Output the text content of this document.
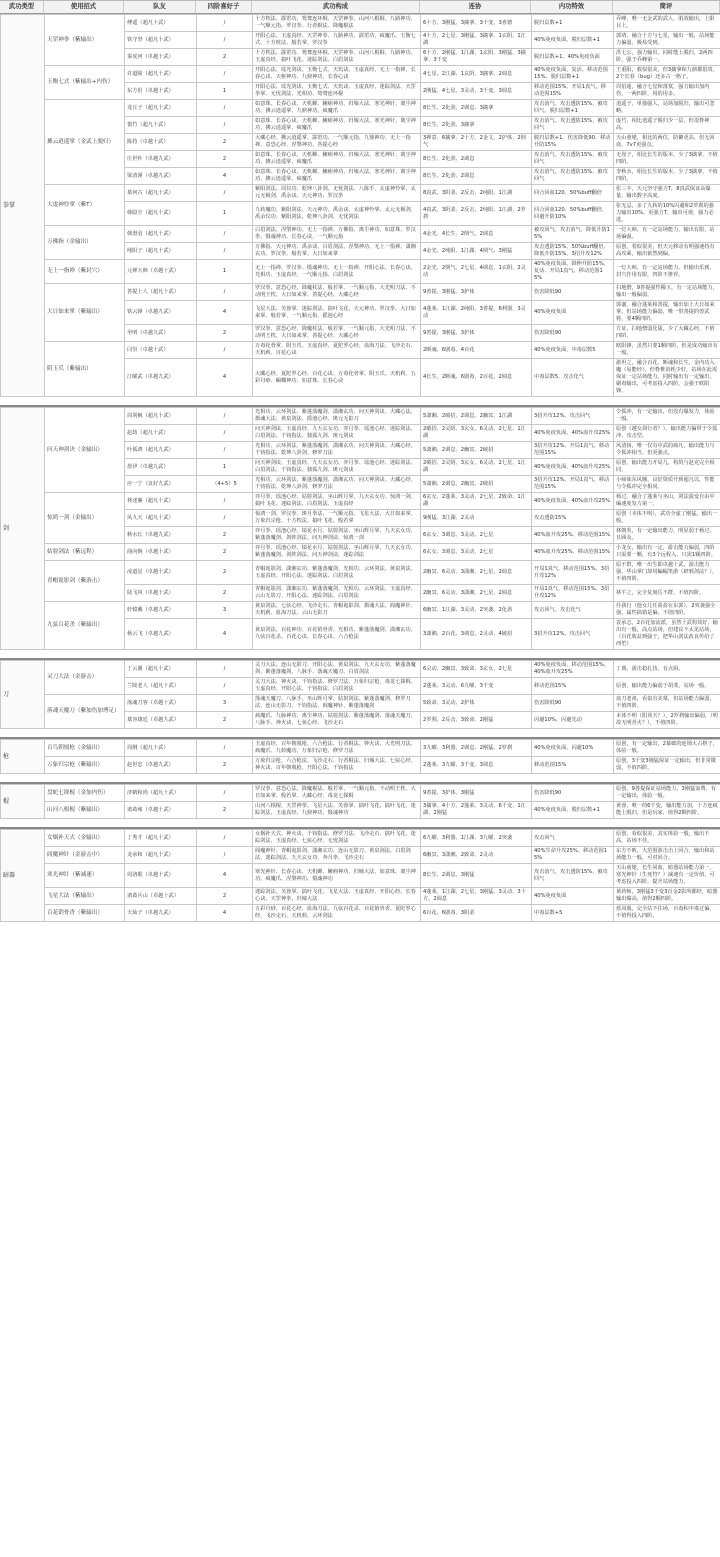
武功类型	使用招式	队友	四阶喜好子	武功构成	连协	内功特效	简评
拳掌	天罡神拳（紫输出）	傅遥（超凡十武）	/	十方枕法、霹雳功、鸳鸯连环棍、天罡神拳、山河八根棍、九路神功、一气顺元指、罗汉拳、行者棍法、降魔棍法	6十方、3刚猛、3擒拿、3千变、3喜德	脱归层数+1	乔峰，唯一无金武的武人，肌效输出，上限目上。
		铁守坚（超凡十武）	/	开阳心法、玉虚真经、天罡神拳、九路神功、霹雳功、疯魔爪、玉衡七式、十方枕法、般若掌、罗汉拳	4十方、2七星、3刚猛、3擒拿、1玄阴、1江湖	40%免疫负面、脱归层数+1	郭靖，融合十方与七星，输出一般，站场能力偏弱，极易受到。
		秦虎河（卓越十武）	2	十方枕法、霹雳功、鸳鸯连环棍、天罡神拳、山河八根棍、九路神功、玉虚真经、搞叶飞花、迷踪剑法、白眉剑法	6十方、2刚猛、1江湖、1玄阴、3刚猛、3擒拿、3千变	脱归层数+1、40%免疫负面	洪七公，强力输出，同时能上脱归，2两四阶，强于乔峰第一。
	玉衡七式（紫输出+内伤）	许道陵（超凡十武）	/	开阳心法、瑶光剑诀、玉衡七式、天玑诀、玉虚真经、无上一指禅、长春心诀、天枢神功、九鼎神功、长春心诀	4七星、2江湖、1玄阴、3擒拿、2调息	40%免疫负面、复活、移动范围15%、脱归层数+1	王重阳，救似很美，但3擒拿和九鼎都很贵，2个长春（bug）还多占一格子。
		东方伯（卓越十武）	1	开阳心法、瑶光剑诀、玉衡七式、天玑诀、玉虚真经、迷踪剑法、天罡拳掌、无忧剑法、光相功、鸳鸯连环棍	2刚猛、4七星、3灵动、3千变、3调息	移动范围15%、开局1真气、移动范围15%	周伯通，融合七星和落寞，强力输出加内伤，一两四阶，用的用多。
	拂云逍遥掌（金武上脱归）	龙丘子（超凡十武）	/	如意珠、长春心诀、天机蝉、臃痈神功、归墟大法、寒光神针、离尘神功、拂云逍遥掌、九鼎神功、疯魔爪	8长生、2化劲、2调息、3擒拿	攻击消气、攻击透防15%、被攻回气、脱归层数+1	逍遥子，单独强人，站场加脱归，输出可忽略。
		慎竹（超凡十武）	/	如意珠、长春心诀、天机蝉、臃痈神功、归墟大法、寒光神针、离尘神功、拂云逍遥掌、疯魔爪	8长生、2化劲、3擒拿	攻击消气、攻击透防15%、被攻回气	虚竹，相比逍遥子脱归少一层，但很脊神高。
		陈持（卓越十武）	2	大藏心经、拂云逍遥掌、霹雳功、一气顺元指、九鼎神功、无上一指禅、意恐心经、涅槃神功、菩提心经	3禅意、6擒拿、2十方、2金文、2护体、2倒气	脱归层数+1、伤害降低90、移动升防15%	天山童姥，相比的两位，防御更高，但无回血，7v7更强点。
		庄世朴（卓越九武）	2	如意珠、长春心诀、天机蝉、臃痈神功、归墟大法、寒光神针、离尘神功、拂云逍遥掌、疯魔爪	8长生、2化劲、2调息	攻击消气、攻击透防15%、被攻回气	无崖子，相比长生的版本，少了3擒拿，不值四阶。
		梁清谨（卓越九武）	4	如意珠、长春心诀、天机蝉、臃痈神功、归墟大法、寒光神针、离尘神功、拂云逍遥掌、疯魔爪	8长生、2化劲、2调息	攻击消气、攻击透防15%、被攻回气	李秋水，相比长生的版本，少了3擒拿，不值四阶。
	大虚神怜掌（紫T）	慕何古（超凡十武）	/	紫阳剑法、周仪功、乾坤八卦剑、无忧剑法、八陈手、太虚神怜掌、太元无极剑、禹余诀、天元神功、罗汉拳	8真武、3阴柔、2反击、2纯阳、1江湖	回合回血120、50%buff翻倍	张三丰，天元坚守强力T，8真武保证高爆量，输出数字高度。
		韩隐尘（超凡十武）	1	九转魔功、紫阳剑法、天元神功、禹余诀、太虚神怜掌、太元无极剑、禹余仪功、紫阳剑法、乾坤八卦剑、无忧剑法	4真武、3阴柔、2反击、2纯阳、1江湖、2罗刹	回合回血120、50%buff翻倍、回避升防10%	张无忌，多了九转的10%闪避和2罗刹的强力输出10%，更强力T，输出可观，强力必选。
	万佛指（金输出）	韩澄羽（超凡十武）	/	白眉剑法、涅槃神功、无上一指禅、万佛指、离尘神功、如意珠、罗汉拳、慑魂神功、长春心诀、一气顺元指	4金光、4长生、2倒气、2调息	被攻回气、攻击消气、降低升防15%	一灯大师，有一定站场能力，输出有限，站场偏强。
		纯阳子（超凡十武）	/	万佛指、天元神功、禹余诀、白眉剑法、涅槃神功、无上一指禅、潇湘玄功、罗汉拳、般若掌、大日如来掌	4金光、2纯阳、1江湖、4倒气、3刚猛	攻击透防15%、50%buff翻倍、降低升防15%、3招升攻12%	原创，着似很美，但天元移动有明强速持有高攻乘，输出依然到偏。
	无上一指禅（紫封穴）	元禅大师（卓越十武）	1	无上一指禅、罗汉拳、慑魂神功、无上一指禅、开阳心法、长春心诀、光相功、玉虚真经、一气顺元指、白眉剑法	2金光、2倒气、2七星、4调息、1玄阴、2灵动	40%免疫负面、降伸升防15%、复活、开局1真气、移动范围15%	一灯大师，有一定站场能力，但输出乐到，封穴作用有限，四阶不推荐。
	大日如来掌（紫输出）	善提上人（超凡十武）	/	罗汉拳、意恐心经、降魔杖法、般若掌、一气顺元指、大光明刀法、不动明王枕、大日如来掌、善提心经、大藏心经	9善提、3刚猛、3护体	伤害降低90	扫地僧，9善提强性稀玉，有一定站场能力，输出一般偏弱。
		铁云锋（卓越九武）	4	飞星大法、芙蓉掌、迷踪剑法、搞叶飞花、天元神功、罗汉拳、大日如来掌、般若掌、一气顺元指、摇池心经	4蓬莱、1江湖、2纯阳、3善提、6利器、3灵动	40%免疫负面	郭襄，融合蓬莱和善提，输出加上大日如来掌，但站场能力偏弱，唯一带善提的兽武将，要4颗四阶。
		至明（卓越九武）	2	罗汉拳、意恐心经、降魔杖法、般若掌、一气顺元指、大光明刀法、不动明王枕、大日如来掌、善提心经、大藏心经	9善提、3刚猛、3护体	伤害降低90	方证，扫地僧弱化版，少了大藏心经，不值四阶。
	阴玉爪（紫输出）	闫崇（卓越十武）	/	万毒化骨掌、阴玉爪、玉虚真经、夏陀罗心经、血海刀法、飞沙走石、天机莉、百花心诀	2断魂、6剧毒、4百花	40%免疫负面、中毒层数5	欧阳锋，虽然只要1颗四阶，但是成功输出有一般。
		江曜武（卓越九武）	4	大藏心经、夏陀罗心经、百花心诀、万毒化骨掌、阴玉爪、天机莉、五彩丹砂、蝎蝶神功、如意珠、长春心诀	4长生、2断魂、6剧毒、2百花、2调息	中毒层数5、攻击化气	游坦之，融合百花、断魂和长生，金内功入魔（易能经），但脊椎消耗少好，站场在此需保证一定站场能力，同时输出有一定输出，刷毒输出，可考虑投入四阶，会强于欧阳锋。
剑	问天神剑诀（金输出）	周剑枫（超凡十武）	/	光相功、云环剑法、紫蓬落魔剑、潇湘玄功、问天神剑诀、大藏心法、摄魂大法、黄泉剑法、摇池心经、斑元无影刀	5潇湘、2破招、2调息、2幽冥、1江湖	3招升攻12%、攻击回气	令狐冲，有一定输出，但没有爆发力，体验一般。
		赵劫（超凡十武）	/	问天神剑诀、玉虚真经、九天玄女功、弈月拳、瑶池心经、迷踪剑法、白眉剑法、千钧指法、独孤九剑、斑元剑诀	2破招、2灵阴、3玄女、6灵动、2七星、1江湖	40%免疫负面、40%血升攻25%	原创（越女剑行者？），输出能力偏带于令狐冲，攻击型。
		叶孤鸿（超凡九武）	/	光相功、云环剑法、紫蓬落魔剑、潇湘玄功、问天神剑诀、大藏心经、千钧指法、乾坤八卦剑、修罗刀法	5潇湘、2调息、2幽冥、2破招	3招升攻12%、开局1真气、移动范围15%	风清扬，唯一仅有中武的疯凡，输出能力与令狐冲相当，但更强点。
		墨伊（卓越九武）	1	问天神剑诀、玉虚真经、九天玄女功、弈月拳、瑶池心经、迷踪剑法、白眉剑法、千钧指法、独孤九剑、斑元剑诀	2破招、2灵阴、3玄女、6灵动、2七星、1江湖	40%免疫负面、40%血升攻25%	原创，输出能力开局几，构筑与赵克完全相同。
		应一宁（良好九武）	（4+5）5	光相功、云环剑法、紫蓬落魔剑、潇湘玄功、问天神剑诀、大藏心经、千钧指法、乾坤八卦剑、修罗刀法	5潇湘、2调息、2幽冥、2破招	3招升攻12%、开局1真气、移动范围15%	小师妹东风曈，良好资质升到超凡以，性能与令狐冲完全相同。
	惊鸿一剑（金输出）	林述廉（超凡十武）	/	弈月拳、瑶池心经、姑射剑法、巫山辉月掌、九天玄女功、惊鸿一剑、搞叶飞花、迷踪剑法、白眉剑法、玉虚真经	6玄女、2蓬莱、3灵动、2七星、2致命、1江湖	40%免疫负面、40%血升攻25%	杨过，融合了蓬莱与巫山，剑法演变自由中编速度发力第一。
		风九天（超凡十武）	/	惊鸿一剑、罗汉拳、斑月拳法、一气顺元指、飞星大法、大日如来掌、万象归宗枪、十方枕法、搞叶飞花、般若掌	9刚猛、3江湖、2灵动	攻击透防15%	原创（本体不明），武功全虚了刚猛，输出一般。
		秋水长（卓越九武）	2	弈月拳、瑶池心经、镜花水月、姑射剑法、巫山辉月掌、九天玄女功、紫蓬落魔剑、剑阵剑法、问天神剑诀、惊鸿一剑	6玄女、3调息、3灵动、2七星	40%血升攻25%、移动范围15%	林朝英，有一定输出能力，明显弱于杨过，且顾及。
	姑射剑法（紫远程）	曲向婉（卓越十武）	2	弈月拳、瑶池心经、镜花水月、姑射剑法、巫山辉月掌、九天玄女功、紫蓬落魔剑、剑阵剑法、问天神剑诀、迷踪剑法	6玄女、3调息、3灵动、2七星	40%血升攻25%、移动范围15%	小龙女，输出有一定，游击能力偏弱，四阶只需要一颗，有3个远程入，只需1颗四阶。
	青帽诡影剑（紫游击）	凌道星（卓越十武）	2	青帽诡影剑、潇湘玄功、紫蓬落魔剑、光相功、云环剑法、黄泉剑法、玉虚真经、开阳心法、迷踪剑法、白眉剑法	2幽冥、6灵动、3潇湘、2七星、2调息	开局1真气、移动范围15%、3招升攻12%	原不群，唯一出生即卓越十武，游击能力强，华山掌门却用蝙蝠笑游（辟邪剑法？），不值四阶。
		陆飞风（卓越十武）	2	青帽诡影剑、潇湘玄功、紫蓬落魔剑、光相功、云环剑法、玉虚真经、云山无影刀、开阳心法、迷踪剑法、白眉剑法	2幽冥、6灵动、3潇湘、2七星、2调息	开局1真气、移动范围15%、3招升攻12%	林平之，完全复刻岳不群，不值四阶。
	九弦百花杀（紫输出）	轩辕戴（卓越九武）	3	黄泉剑法、七弦心经、飞沙走石、青帽诡影剑、摄魂大法、阎魔神针、天机莉、血海刀法、云山无影刀	6幽冥、1江湖、3灵动、2突袭、2化劲	攻击回气、攻击化气	任我行（他女儿任盈盈在东郭），2突袭强全强，属性搞错是偏，不值四阶。
		杨云飞（卓越九武）	4	黄泉剑法、百花神功、百花销骨香、光相功、紫蓬落魔剑、潇湘玄功、九弦百花杀、百花心诀、长春心诀、六合枪法	3潇湘、2百花、3调息、2灵动、4破招	3招升攻12%、攻击回气	袁承志，2百花加流派，虽然十武构效好，输出有一般，高点站场，但建议不太见站场，（百花收益到强于，把华山剑法改良传给了西笙）
刀	灵刀大法（金游击）	丁云翼（超凡十武）	/	灵刀大法、连山无影刀、开阳心法、黄泉剑法、九天玄女功、紫蓬落魔剑、紫蓬落魔剑、八脉手、落魂天魔刀、白眉剑法	6灵动、2幽冥、3致命、3玄女、2七星	40%免疫负面、移动范围15%、40%血升攻25%	丁典，游击稳扎技，有点厨。
		兰陵老人（超凡十武）	/	灵刀大法、神火诀、千钧指法、修罗刀法、万象归宗枪、毒龙七探棍、玉虚真经、开阳心法、千钧指法、白眉剑法	2蓬莱、3灵动、6九曜、3千变	移动范围15%	原创，输出能力偏弱于胡斐，站场一般。
	落魂天魔刀（紫加伤加博足）	落魂刀客（卓越十武）	3	落魂天魔刀、八脉手、巫山辉月掌、姑射剑法、紫蓬落魔剑、修罗刀法、连山无影刀、千钧指法、阎魔神针、紫蓬落魔剑	5致命、3灵动、2护体	伤害降低90	血刀老祖，看似有美慕，但站场能力偏弱，不值四阶。
		慕容雄廷（卓越九武）	2	疯魔爪、九脉神功、离尘神功、姑射剑法、紫蓬落魔剑、落魂天魔刀、八脉手、神火诀、七弦心经、飞沙走石	2罗刹、2反击、3致命、2刚猛	闪避10%、闪避先动	本体不明（阳顶天？），2罗刹输出偏弱，（明故无明苔火？），不值四阶。
枪	百鸟朝凰枪（金输出）	周纲（超凡十武）	/	玉虚真经、百年朝凰枪、六合枪法、行者棍法、钟火诀、大光明刀法、疯魔爪、九转魔功、万象归宗枪、修罗刀法	3九曜、3利器、2调息、2刚猛、2罗刹	40%免疫负面、闪避10%	原创，有一定输出，2幕础的连锁大占格子，体验一般。
	万象归宗枪（紫输出）	赵世忠（卓越九武）	2	万象归宗枪、六合枪法、飞沙走石、行者棍法、归墟大法、七弦心经、神火诀、百年朝凰枪、开阳心法、千钧指法	2蓬莱、3九曜、3千变、3调息	移动范围15%	原创，3千变3刚猛保证一定输出，但非常微弱，不值四阶。
棍	盘蛇七探棍（金加内伤）	济鹤和尚（超凡十武）	/	罗汉拳、意恐心法、降魔棍法、般若掌、一气顺元指、不动明王枕、大日如来掌、般若掌、大藏心经、毒龙七探棍	9善提、3护体、3刚猛	伤害降低90	原创，9善提保证站场能力，3刚猛浪费，有一定输出，体验一般。
	山河八根棍（紫输出）	诸葛雍（卓越十武）	2	山河八根棍、天罡神拳、飞星大法、芙蓉掌、搞叶飞花、搞叶飞花、迷踪剑法、玉虚真经、九鼎神功、慑魂神功	3擒拿、4十方、2蓬莱、3灵动、6千变、1江湖、2刚猛	40%免疫负面、脱归层数+1	黄蓉，唯一的6千变，输出能力加，十方连疯能上脱归，但是玩家，值得2颗四阶。
暗器	女娲补天式（金输出）	丁秀才（超凡十武）	/	女娲补天式、神火诀、千钧指法、修罗刀法、飞沙走石、搞叶飞花、迷踪剑法、玉虚真经、七弦心经、无忧剑法	6九曜、3利器、1江湖、3九曜、2突袭	攻击回气	原创，看似很美，其实体验一般，输出不高，站场不佳。
	阎魔神针（金游击中）	龙承和（超凡十武）	/	阎魔神针、青帽诡影剑、潇湘玄功、连山无影刀、黄泉剑法、白眉剑法、迷踪剑法、九天玄女功、奔月拳、飞沙走石	6幽冥、3潇湘、2致命、2灵动	40%生命升攻25%、移动范围15%	东方不败，大范围游击击上回合，输出和站场能力一般，可对回合。
	寒光神针（紫减速）	周洛歌（卓越十武）	4	寒光神针、长春心诀、天机蝉、臃痈神功、归墟大法、如意珠、离尘神功、疯魔爪、涅槃神功、慑魂神功	8长生、2调息、3刚猛	攻击消气、攻击透防15%、被攻回气	天山童姥，长生回血，暗器站场能力第一，寒光神针（生死符？）减速有一定价值，可考虑投入四阶，提升站场能力。
	飞星大法（紫输出）	诸葛兵山（卓越十武）	2	迷踪剑法、芙蓉掌、搞叶飞花、飞星大法、玉虚真经、开阳心经、长春心诀、天罡神拳、归墟大法	4蓬莱、1江湖、2七星、3刚猛、3灵动、3十方、2调息	40%免疫负面	黄药师，3刚猛3千变3百金2影所都经，暗器输出爆高，值得2颗四阶。
	百花销骨香（紫输出）	天仙子（卓越九武）	4	五彩丹砂、百花心经、血海刀法、九弦百花杀、百花销骨香、夏陀罗心经、飞沙走石、天机莉、云环剑法	6百花、6剧毒、3阴柔	中毒层数+5	蓝凤凰，完全站不住场，百毒积中毒过偏，不值得投入四阶。
